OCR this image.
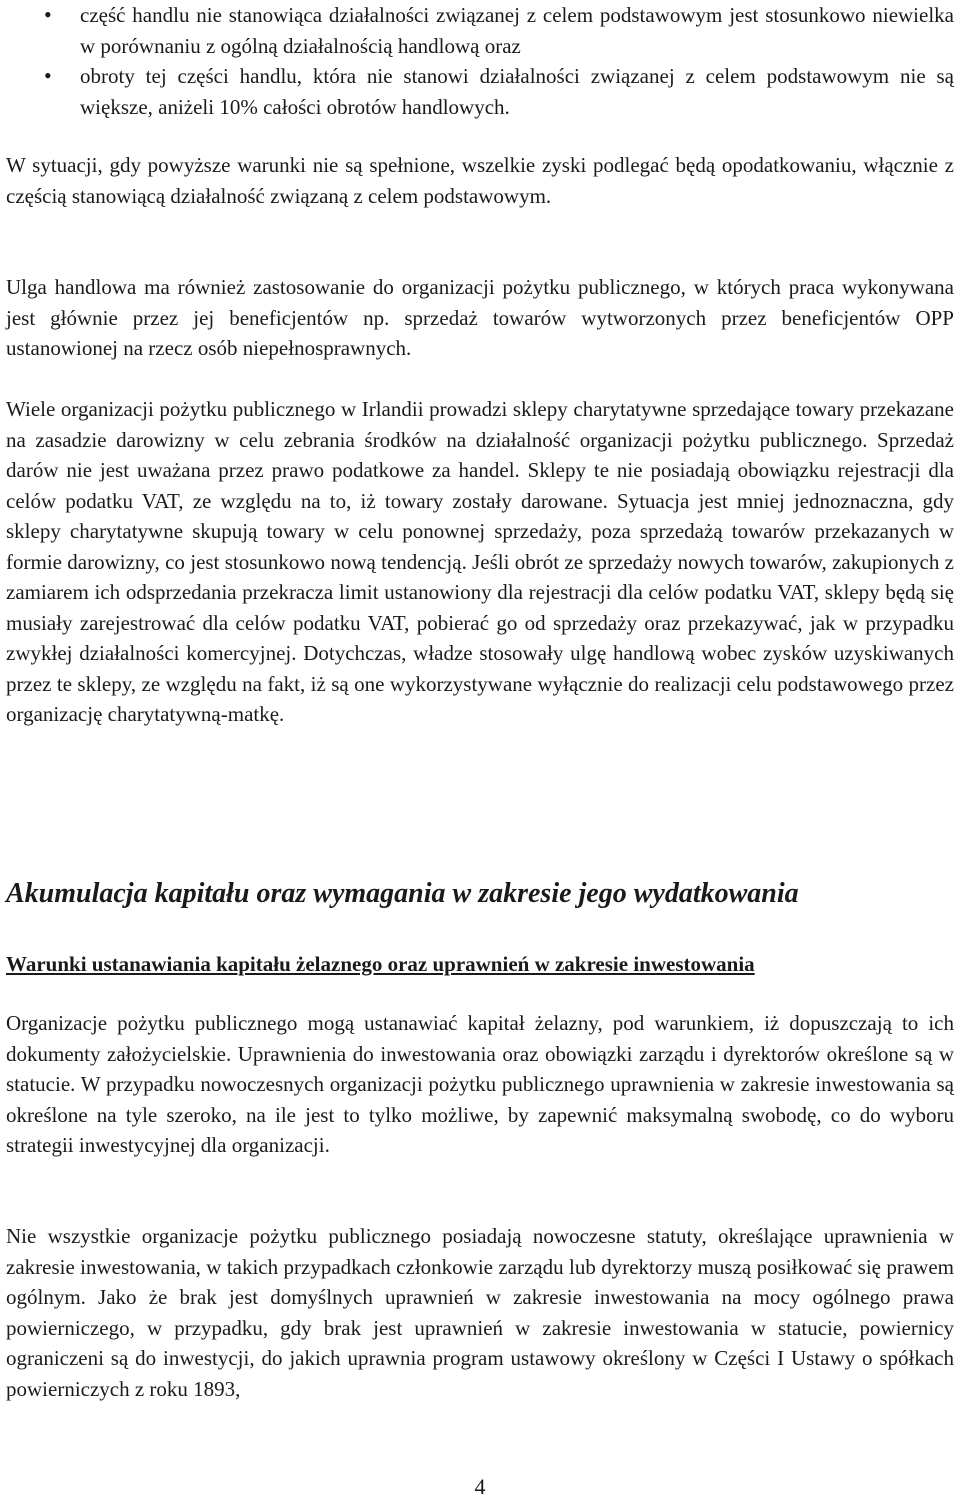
• część handlu nie stanowiąca działalności związanej z celem podstawowym jest stosunkowo niewielka w porównaniu z ogólną działalnością handlową oraz

• obroty tej części handlu, która nie stanowi działalności związanej z celem podstawowym nie są większe, aniżeli 10% całości obrotów handlowych.

W sytuacji, gdy powyższe warunki nie są spełnione, wszelkie zyski podlegać będą opodatkowaniu, włącznie z częścią stanowiącą działalność związaną z celem podstawowym.

Ulga handlowa ma również zastosowanie do organizacji pożytku publicznego, w których praca wykonywana jest głównie przez jej beneficjentów np. sprzedaż towarów wytworzonych przez beneficjentów OPP ustanowionej na rzecz osób niepełnosprawnych.

Wiele organizacji pożytku publicznego w Irlandii prowadzi sklepy charytatywne sprzedające towary przekazane na zasadzie darowizny w celu zebrania środków na działalność organizacji pożytku publicznego. Sprzedaż darów nie jest uważana przez prawo podatkowe za handel. Sklepy te nie posiadają obowiązku rejestracji dla celów podatku VAT, ze względu na to, iż towary zostały darowane. Sytuacja jest mniej jednoznaczna, gdy sklepy charytatywne skupują towary w celu ponownej sprzedaży, poza sprzedażą towarów przekazanych w formie darowizny, co jest stosunkowo nową tendencją. Jeśli obrót ze sprzedaży nowych towarów, zakupionych z zamiarem ich odsprzedania przekracza limit ustanowiony dla rejestracji dla celów podatku VAT, sklepy będą się musiały zarejestrować dla celów podatku VAT, pobierać go od sprzedaży oraz przekazywać, jak w przypadku zwykłej działalności komercyjnej. Dotychczas, władze stosowały ulgę handlową wobec zysków uzyskiwanych przez te sklepy, ze względu na fakt, iż są one wykorzystywane wyłącznie do realizacji celu podstawowego przez organizację charytatywną-matkę.

Akumulacja kapitału oraz wymagania w zakresie jego wydatkowania
Warunki ustanawiania kapitału żelaznego oraz uprawnień w zakresie inwestowania

Organizacje pożytku publicznego mogą ustanawiać kapitał żelazny, pod warunkiem, iż dopuszczają to ich dokumenty założycielskie. Uprawnienia do inwestowania oraz obowiązki zarządu i dyrektorów określone są w statucie. W przypadku nowoczesnych organizacji pożytku publicznego uprawnienia w zakresie inwestowania są określone na tyle szeroko, na ile jest to tylko możliwe, by zapewnić maksymalną swobodę, co do wyboru strategii inwestycyjnej dla organizacji.

Nie wszystkie organizacje pożytku publicznego posiadają nowoczesne statuty, określające uprawnienia w zakresie inwestowania, w takich przypadkach członkowie zarządu lub dyrektorzy muszą posiłkować się prawem ogólnym. Jako że brak jest domyślnych uprawnień w zakresie inwestowania na mocy ogólnego prawa powierniczego, w przypadku, gdy brak jest uprawnień w zakresie inwestowania w statucie, powiernicy ograniczeni są do inwestycji, do jakich uprawnia program ustawowy określony w Części I Ustawy o spółkach powierniczych z roku 1893,

4
